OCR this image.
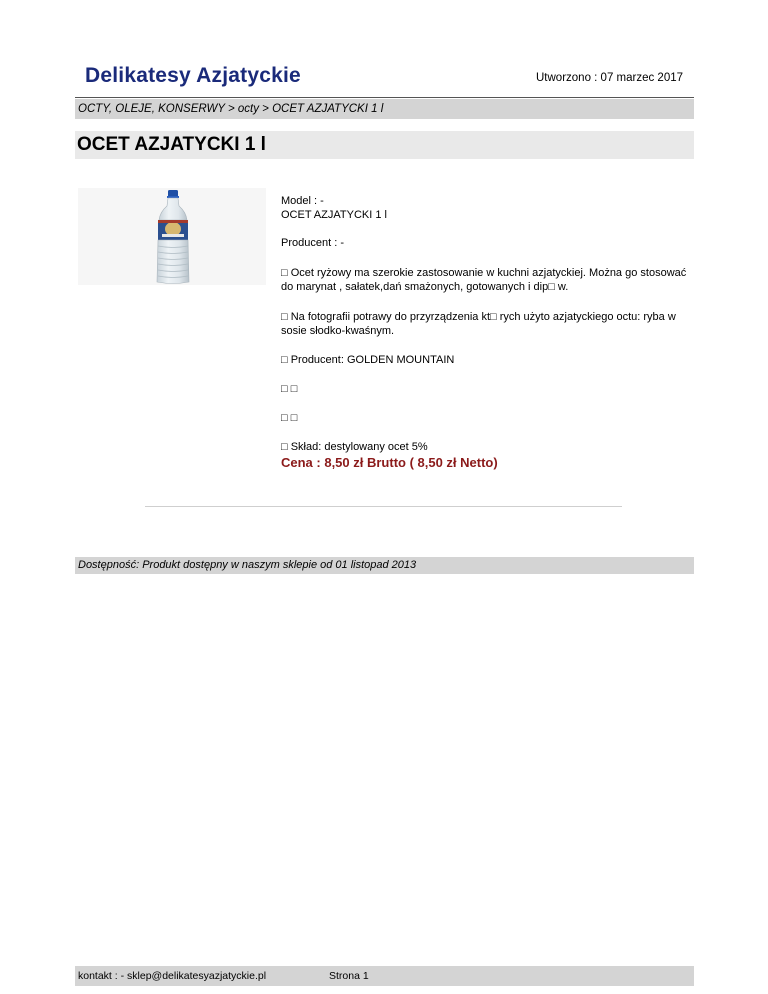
Delikatesy Azjatyckie	Utworzono : 07 marzec 2017
OCTY, OLEJE, KONSERWY > octy > OCET AZJATYCKI 1 l
OCET AZJATYCKI 1 l

Model : -

OCET AZJATYCKI 1 l

Producent : -

□ Ocet ryżowy ma szerokie zastosowanie w kuchni azjatyckiej. Można go stosować do marynat , sałatek,dań smażonych, gotowanych i dip□ w.

□ Na fotografii potrawy do przyrządzenia kt□ rych użyto azjatyckiego octu: ryba w sosie słodko-kwaśnym.

□ Producent: GOLDEN MOUNTAIN

□ □

□ □

□ Skład: destylowany ocet 5%

Cena : 8,50 zł Brutto ( 8,50 zł Netto)

Dostępność: Produkt dostępny w naszym sklepie od 01 listopad 2013
kontakt : - sklep@delikatesyazjatyckie.pl	Strona 1
